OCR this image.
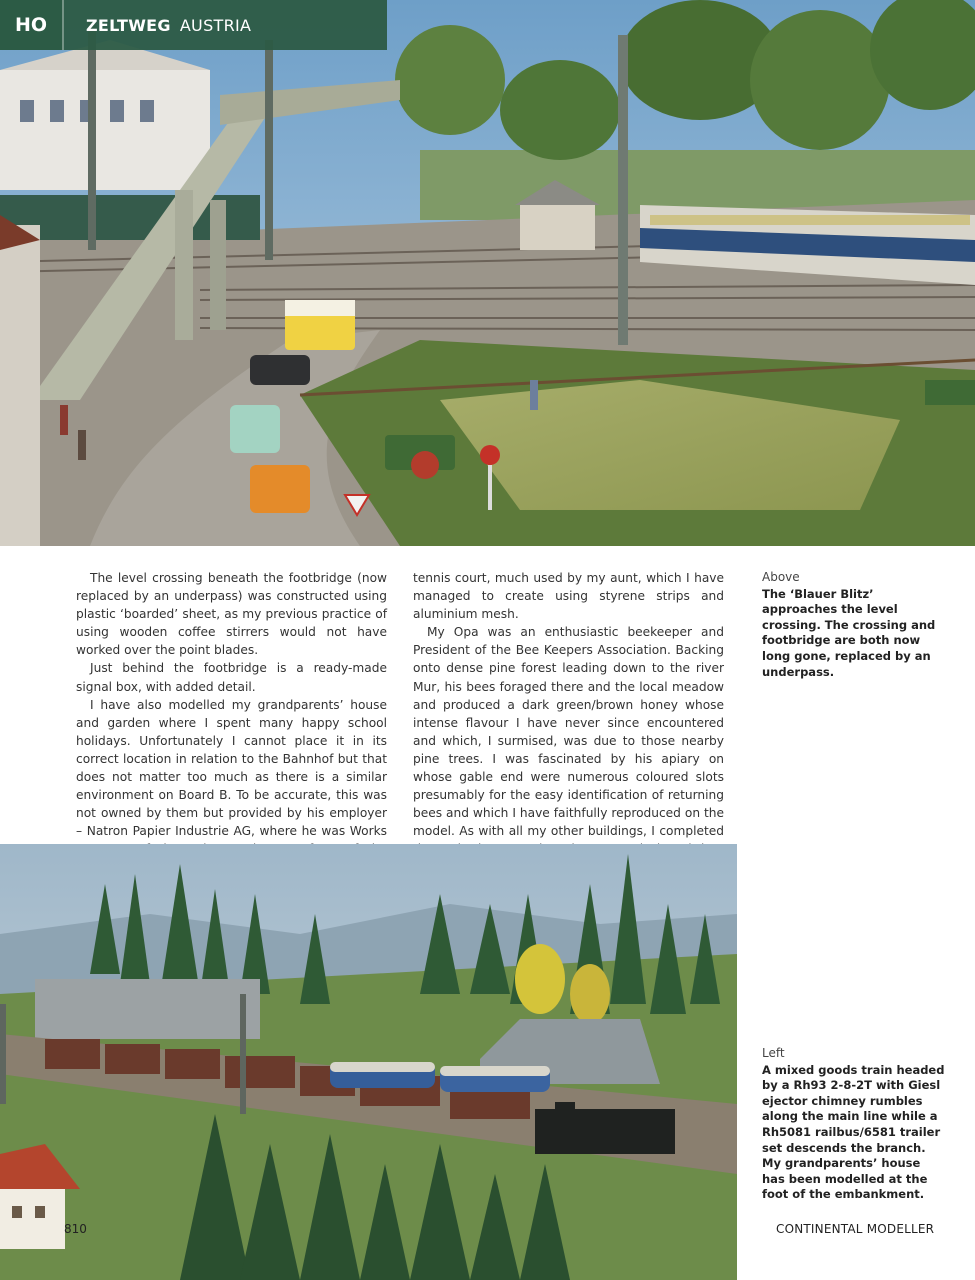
HO	ZELTWEG AUSTRIA

The level crossing beneath the footbridge (now replaced by an underpass) was constructed using plastic ‘boarded’ sheet, as my previous practice of using wooden coffee stirrers would not have worked over the point blades.

Just behind the footbridge is a ready-made signal box, with added detail.

I have also modelled my grandparents’ house and garden where I spent many happy school holidays. Unfortunately I cannot place it in its correct location in relation to the Bahnhof but that does not matter too much as there is a similar environment on Board B. To be accurate, this was not owned by them but provided by his employer – Natron Papier Industrie AG, where he was Works

tennis court, much used by my aunt, which I have managed to create using styrene strips and aluminium mesh.

My Opa was an enthusiastic beekeeper and President of the Bee Keepers Association. Backing onto dense pine forest leading down to the river Mur, his bees foraged there and the local meadow and produced a dark green/brown honey whose intense flavour I have never since encountered and which, I surmised, was due to those nearby pine trees. I was fascinated by his apiary on whose gable end were numerous coloured slots presumably for the easy identification of returning bees and which I have faithfully reproduced on the model. As with all my other buildings, I completed

Above
The ‘Blauer Blitz’ approaches the level crossing. The crossing and footbridge are both now long gone, replaced by an underpass.
Left
A mixed goods train headed by a Rh93 2-8-2T with Giesl ejector chimney rumbles along the main line while a Rh5081 railbus/6581 trailer set descends the branch. My grandparents’ house has been modelled at the foot of the embankment.
810	CONTINENTAL MODELLER
